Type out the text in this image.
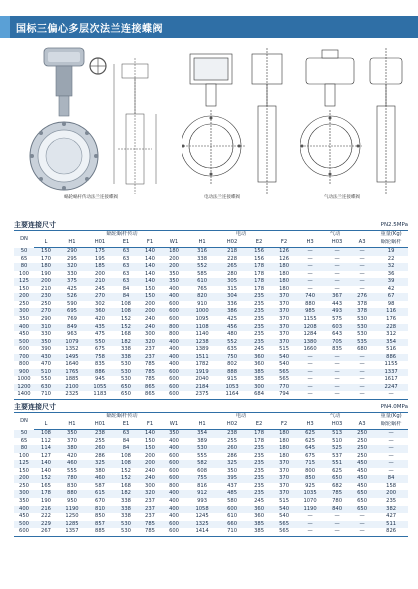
国标三偏心多层次法兰连接蝶阀
蜗轮蜗杆传动法兰连接蝶阀	电动法兰连接蝶阀	气动法兰连接蝶阀
主要连接尺寸	PN2.5MPa
DN		蜗轮蜗杆传动					电动				气动			重量(Kg)
	L	H1	H01	E1	F1	W1	H1	H02	E2	F2	H3	H03	A3	蜗轮蜗杆

50	150	290	175	63	140	180	316	218	156	126	—	—	—	19
65	170	295	195	63	140	200	338	228	156	126	—	—	—	22
80	180	320	185	63	140	200	552	265	178	180	—	—	—	32
100	190	330	200	63	140	350	585	280	178	180	—	—	—	36
125	200	375	210	63	140	350	610	305	178	180	—	—	—	39
150	210	425	245	84	150	400	765	315	178	180	—	—	—	42
200	230	526	270	84	150	400	820	304	235	370	740	367	276	67
250	250	590	302	108	200	600	910	336	235	370	880	443	378	98
300	270	695	360	108	200	600	1000	386	235	370	985	493	378	116
350	290	769	420	152	240	600	1095	425	235	370	1155	575	530	176
400	310	849	435	152	240	800	1108	456	235	370	1208	603	530	228
450	330	963	475	168	300	800	1140	480	235	370	1284	643	530	312
500	350	1079	550	182	320	400	1238	552	235	370	1380	705	535	354
600	390	1352	675	338	237	400	1389	635	245	515	1660	835	680	516
700	430	1495	758	338	237	400	1511	750	360	540	—	—	—	886
800	470	1640	835	530	785	400	1782	802	360	540	—	—	—	1155
900	510	1765	886	530	785	600	1919	888	385	565	—	—	—	1337
1000	550	1885	945	530	785	600	2040	915	385	565	—	—	—	1617
1200	630	2100	1055	650	865	600	2184	1053	300	770	—	—	—	2247
1400	710	2325	1183	650	865	600	2375	1164	684	794	—	—	—	—
主要连接尺寸	PN4.0MPa
DN		蜗轮蜗杆传动					电动				气动			重量(Kg)
	L	H1	H01	E1	F1	W1	H1	H02	E2	F2	H3	H03	A3	蜗轮蜗杆

50	108	350	238	63	140	350	354	238	178	180	625	513	250	—
65	112	370	255	84	150	400	389	255	178	180	625	510	250	—
80	114	380	260	84	150	400	530	260	235	180	645	525	250	—
100	127	420	286	108	200	600	555	286	235	180	675	537	250	—
125	140	460	325	108	200	600	582	325	235	370	715	551	450	—
150	140	555	380	152	240	600	608	350	235	370	800	625	450	—
200	152	780	460	152	240	600	755	395	235	370	850	650	450	84
250	165	830	587	168	300	800	816	437	235	370	925	682	450	158
300	178	880	615	182	320	400	912	485	235	370	1035	785	650	200
350	190	950	670	338	237	400	993	580	245	515	1070	780	650	235
400	216	1190	810	338	237	400	1058	600	360	540	1190	840	650	382
450	222	1250	850	338	237	400	1245	610	360	540	—	—	—	427
500	229	1285	857	530	785	600	1325	660	385	565	—	—	—	511
600	267	1357	885	530	785	600	1414	710	385	565	—	—	—	826
